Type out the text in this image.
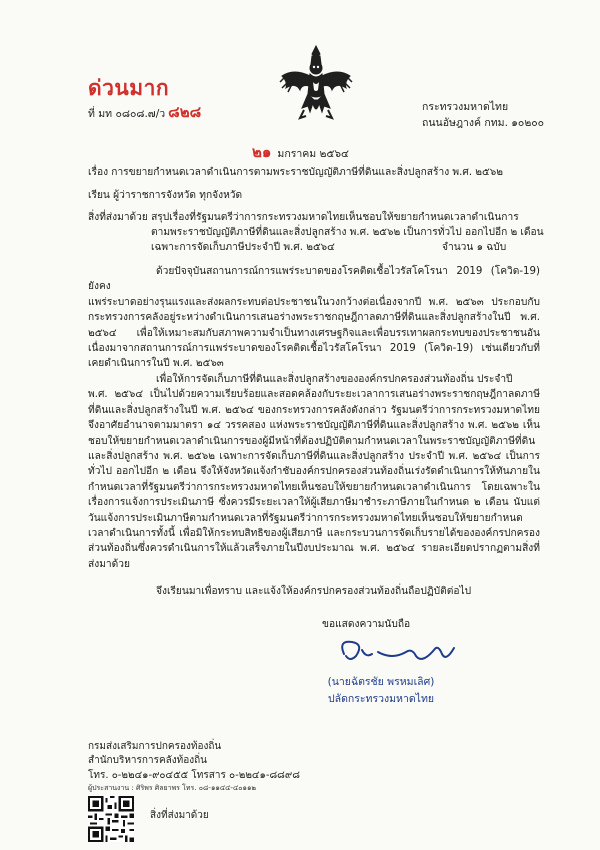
ด่วนมาก
ที่ มท ๐๘๐๘.๗/ว ๘๒๘	กระทรวงมหาดไทย
ถนนอัษฎางค์ กทม. ๑๐๒๐๐
๒๑ มกราคม ๒๕๖๔
เรื่อง การขยายกำหนดเวลาดำเนินการตามพระราชบัญญัติภาษีที่ดินและสิ่งปลูกสร้าง พ.ศ. ๒๕๖๒
เรียน ผู้ว่าราชการจังหวัด ทุกจังหวัด
สิ่งที่ส่งมาด้วย สรุปเรื่องที่รัฐมนตรีว่าการกระทรวงมหาดไทยเห็นชอบให้ขยายกำหนดเวลาดำเนินการ
ตามพระราชบัญญัติภาษีที่ดินและสิ่งปลูกสร้าง พ.ศ. ๒๕๖๒ เป็นการทั่วไป ออกไปอีก ๒ เดือน
เฉพาะการจัดเก็บภาษีประจำปี พ.ศ. ๒๕๖๔	จำนวน ๑ ฉบับ
ด้วยปัจจุบันสถานการณ์การแพร่ระบาดของโรคติดเชื้อไวรัสโคโรนา 2019 (โควิด-19) ยังคง
แพร่ระบาดอย่างรุนแรงและส่งผลกระทบต่อประชาชนในวงกว้างต่อเนื่องจากปี พ.ศ. ๒๕๖๓ ประกอบกับกระทรวงการคลังอยู่ระหว่างดำเนินการเสนอร่างพระราชกฤษฎีกาลดภาษีที่ดินและสิ่งปลูกสร้างในปี พ.ศ. ๒๕๖๔ เพื่อให้เหมาะสมกับสภาพความจำเป็นทางเศรษฐกิจและเพื่อบรรเทาผลกระทบของประชาชนอันเนื่องมาจากสถานการณ์การแพร่ระบาดของโรคติดเชื้อไวรัสโคโรนา 2019 (โควิด-19) เช่นเดียวกับที่เคยดำเนินการในปี พ.ศ. ๒๕๖๓
เพื่อให้การจัดเก็บภาษีที่ดินและสิ่งปลูกสร้างขององค์กรปกครองส่วนท้องถิ่น ประจำปี
พ.ศ. ๒๕๖๔ เป็นไปด้วยความเรียบร้อยและสอดคล้องกับระยะเวลาการเสนอร่างพระราชกฤษฎีกาลดภาษีที่ดินและสิ่งปลูกสร้างในปี พ.ศ. ๒๕๖๔ ของกระทรวงการคลังดังกล่าว รัฐมนตรีว่าการกระทรวงมหาดไทยจึงอาศัยอำนาจตามมาตรา ๑๔ วรรคสอง แห่งพระราชบัญญัติภาษีที่ดินและสิ่งปลูกสร้าง พ.ศ. ๒๕๖๒ เห็นชอบให้ขยายกำหนดเวลาดำเนินการของผู้มีหน้าที่ต้องปฏิบัติตามกำหนดเวลาในพระราชบัญญัติภาษีที่ดินและสิ่งปลูกสร้าง พ.ศ. ๒๕๖๒ เฉพาะการจัดเก็บภาษีที่ดินและสิ่งปลูกสร้าง ประจำปี พ.ศ. ๒๕๖๔ เป็นการทั่วไป ออกไปอีก ๒ เดือน จึงให้จังหวัดแจ้งกำชับองค์กรปกครองส่วนท้องถิ่นเร่งรัดดำเนินการให้ทันภายในกำหนดเวลาที่รัฐมนตรีว่าการกระทรวงมหาดไทยเห็นชอบให้ขยายกำหนดเวลาดำเนินการ โดยเฉพาะในเรื่องการแจ้งการประเมินภาษี ซึ่งควรมีระยะเวลาให้ผู้เสียภาษีมาชำระภาษีภายในกำหนด ๒ เดือน นับแต่วันแจ้งการประเมินภาษีตามกำหนดเวลาที่รัฐมนตรีว่าการกระทรวงมหาดไทยเห็นชอบให้ขยายกำหนดเวลาดำเนินการทั้งนี้ เพื่อมิให้กระทบสิทธิของผู้เสียภาษี และกระบวนการจัดเก็บรายได้ขององค์กรปกครองส่วนท้องถิ่นซึ่งควรดำเนินการให้แล้วเสร็จภายในปีงบประมาณ พ.ศ. ๒๕๖๔ รายละเอียดปรากฏตามสิ่งที่ส่งมาด้วย
จึงเรียนมาเพื่อทราบ และแจ้งให้องค์กรปกครองส่วนท้องถิ่นถือปฏิบัติต่อไป
ขอแสดงความนับถือ
(นายฉัตรชัย พรหมเลิศ)
ปลัดกระทรวงมหาดไทย
กรมส่งเสริมการปกครองท้องถิ่น
สำนักบริหารการคลังท้องถิ่น
โทร. ๐-๒๒๔๑-๙๐๔๕๕ โทรสาร ๐-๒๒๔๑-๘๘๙๘
ผู้ประสานงาน : ศิริพร ศิลยาพร โทร. ๐๘-๑๑๔๔-๔๐๑๑๒
สิ่งที่ส่งมาด้วย
